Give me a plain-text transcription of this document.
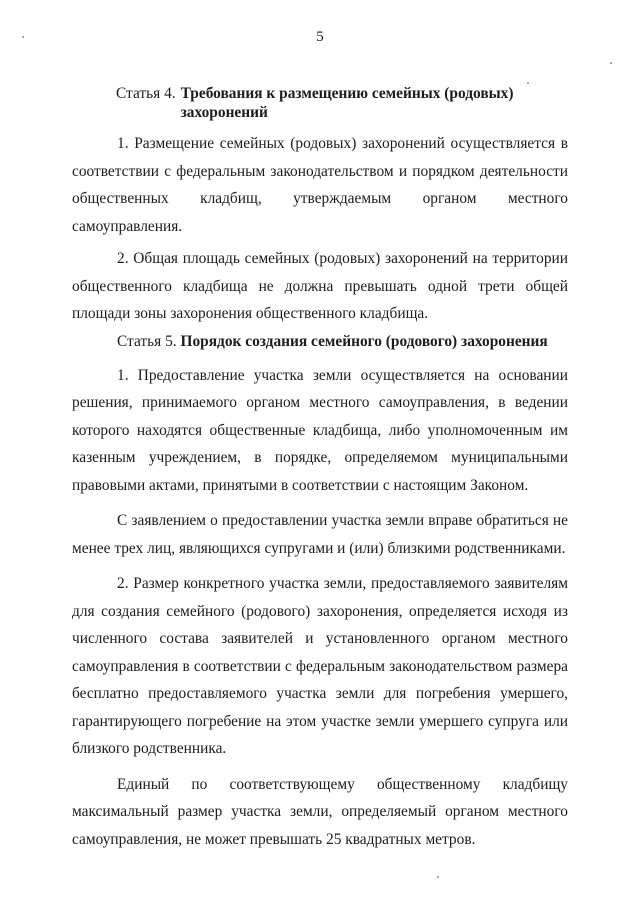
5
Статья 4. Требования к размещению семейных (родовых) захоронений

1. Размещение семейных (родовых) захоронений осуществляется в соответствии с федеральным законодательством и порядком деятельности общественных кладбищ, утверждаемым органом местного самоуправления.

2. Общая площадь семейных (родовых) захоронений на территории общественного кладбища не должна превышать одной трети общей площади зоны захоронения общественного кладбища.

Статья 5. Порядок создания семейного (родового) захоронения

1. Предоставление участка земли осуществляется на основании решения, принимаемого органом местного самоуправления, в ведении которого находятся общественные кладбища, либо уполномоченным им казенным учреждением, в порядке, определяемом муниципальными правовыми актами, принятыми в соответствии с настоящим Законом.

С заявлением о предоставлении участка земли вправе обратиться не менее трех лиц, являющихся супругами и (или) близкими родственниками.

2. Размер конкретного участка земли, предоставляемого заявителям для создания семейного (родового) захоронения, определяется исходя из численного состава заявителей и установленного органом местного самоуправления в соответствии с федеральным законодательством размера бесплатно предоставляемого участка земли для погребения умершего, гарантирующего погребение на этом участке земли умершего супруга или близкого родственника.

Единый по соответствующему общественному кладбищу максимальный размер участка земли, определяемый органом местного самоуправления, не может превышать 25 квадратных метров.
